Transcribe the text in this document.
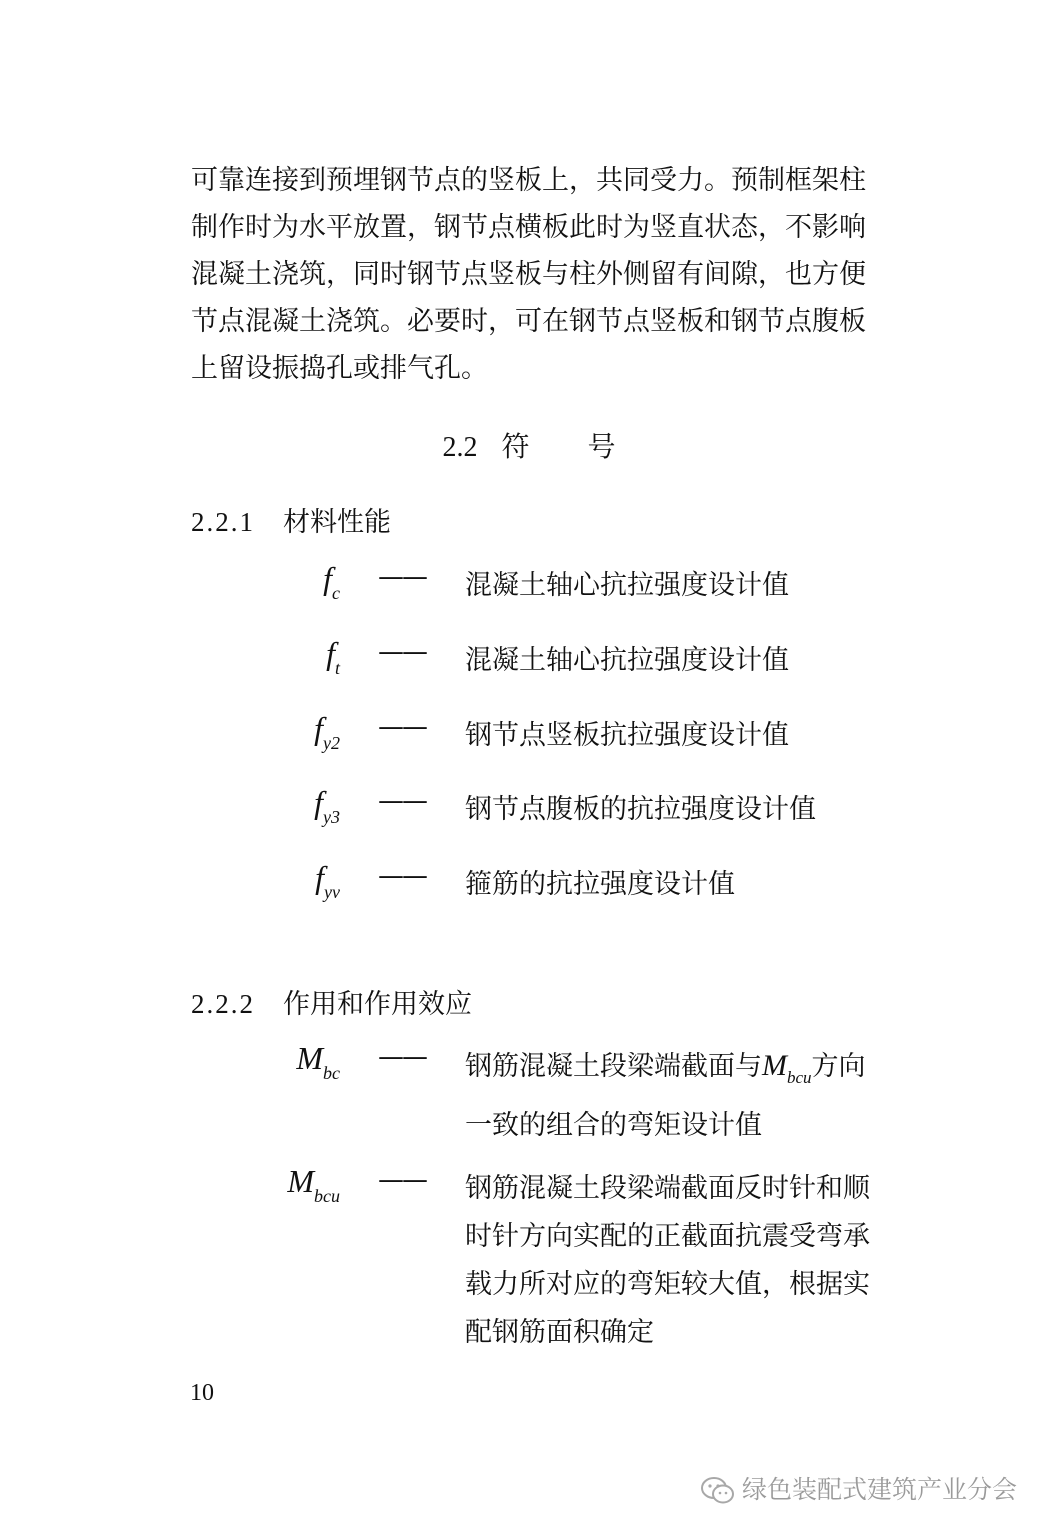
可靠连接到预埋钢节点的竖板上，共同受力。预制框架柱
制作时为水平放置，钢节点横板此时为竖直状态，不影响
混凝土浇筑，同时钢节点竖板与柱外侧留有间隙，也方便
节点混凝土浇筑。必要时，可在钢节点竖板和钢节点腹板
上留设振捣孔或排气孔。
2.2 符 号
2.2.1 材料性能
$f_c$
—— 混凝土轴心抗拉强度设计值
$f_t$
—— 混凝土轴心抗拉强度设计值
$f_{y2}$
—— 钢节点竖板抗拉强度设计值
$f_{y3}$
—— 钢节点腹板的抗拉强度设计值
$f_{yv}$
—— 箍筋的抗拉强度设计值
2.2.2 作用和作用效应
$M_{bc}$
—— 钢筋混凝土段梁端截面与$M_{bcu}$方向
一致的组合的弯矩设计值
$M_{bcu}$
—— 钢筋混凝土段梁端截面反时针和顺
时针方向实配的正截面抗震受弯承
载力所对应的弯矩较大值，根据实
配钢筋面积确定
10
绿色装配式建筑产业分会
